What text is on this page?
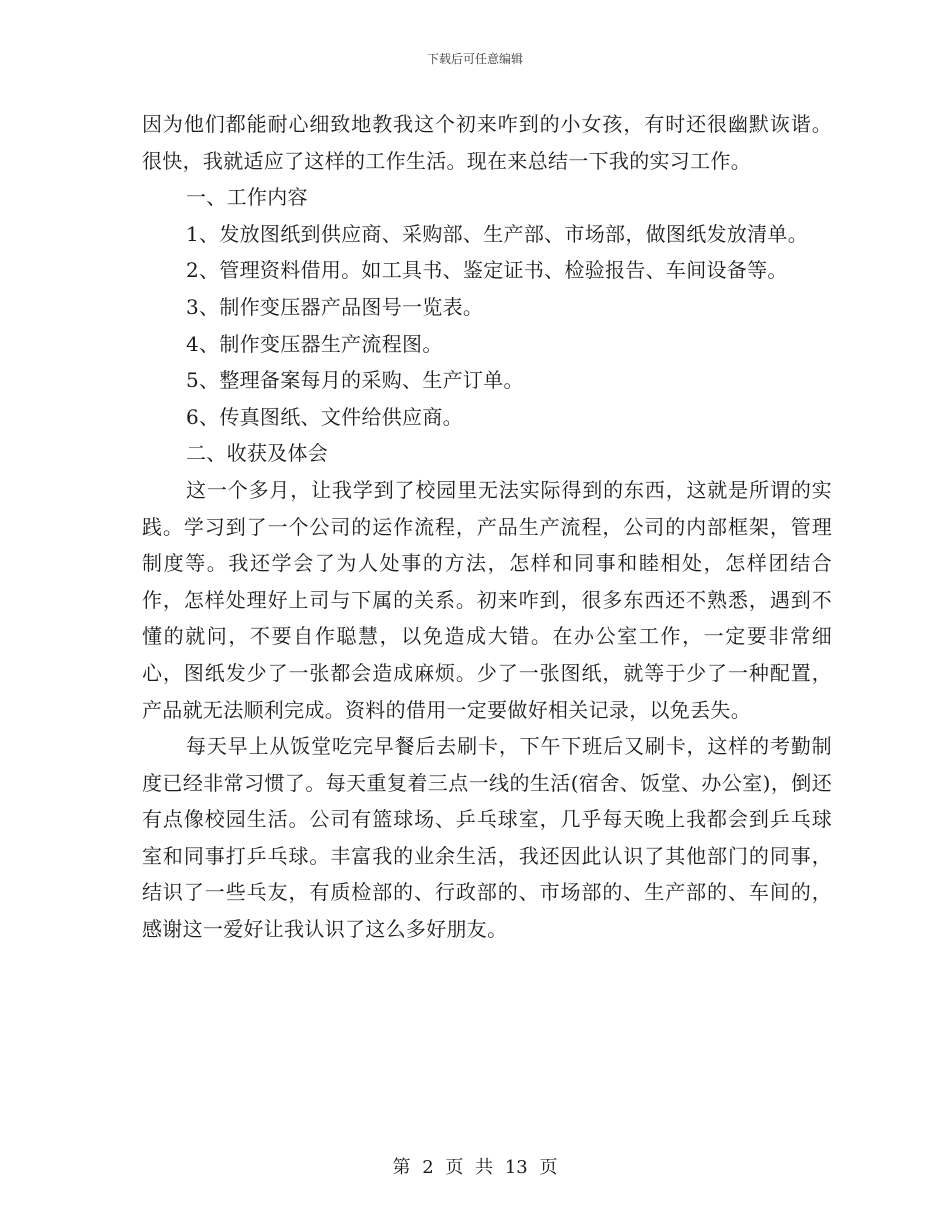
下载后可任意编辑

因为他们都能耐心细致地教我这个初来咋到的小女孩，有时还很幽默诙谐。很快，我就适应了这样的工作生活。现在来总结一下我的实习工作。

一、工作内容

1、发放图纸到供应商、采购部、生产部、市场部，做图纸发放清单。

2、管理资料借用。如工具书、鉴定证书、检验报告、车间设备等。

3、制作变压器产品图号一览表。

4、制作变压器生产流程图。

5、整理备案每月的采购、生产订单。

6、传真图纸、文件给供应商。

二、收获及体会

这一个多月，让我学到了校园里无法实际得到的东西，这就是所谓的实践。学习到了一个公司的运作流程，产品生产流程，公司的内部框架，管理制度等。我还学会了为人处事的方法，怎样和同事和睦相处，怎样团结合作，怎样处理好上司与下属的关系。初来咋到，很多东西还不熟悉，遇到不懂的就问，不要自作聪慧，以免造成大错。在办公室工作，一定要非常细心，图纸发少了一张都会造成麻烦。少了一张图纸，就等于少了一种配置，产品就无法顺利完成。资料的借用一定要做好相关记录，以免丢失。

每天早上从饭堂吃完早餐后去刷卡，下午下班后又刷卡，这样的考勤制度已经非常习惯了。每天重复着三点一线的生活(宿舍、饭堂、办公室)，倒还有点像校园生活。公司有篮球场、乒乓球室，几乎每天晚上我都会到乒乓球室和同事打乒乓球。丰富我的业余生活，我还因此认识了其他部门的同事，结识了一些乓友，有质检部的、行政部的、市场部的、生产部的、车间的，感谢这一爱好让我认识了这么多好朋友。

第 2 页 共 13 页
